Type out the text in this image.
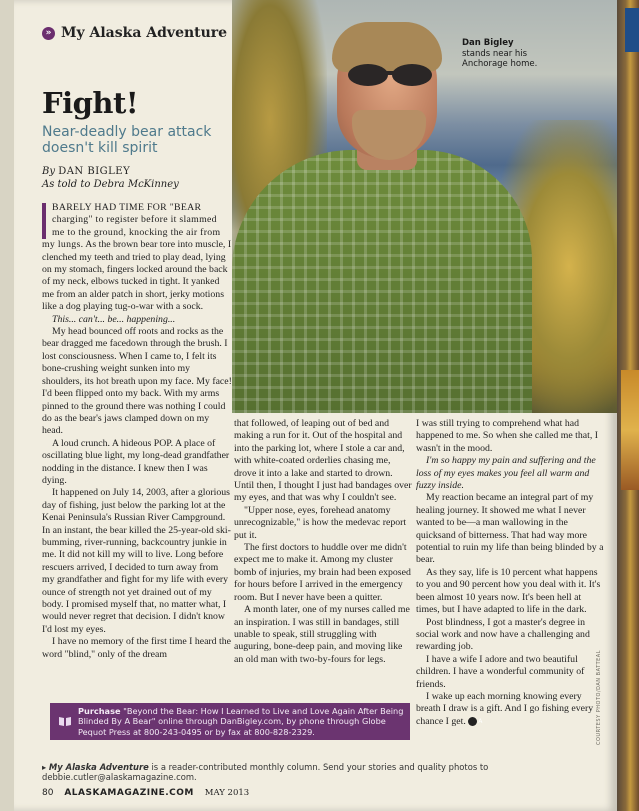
» My Alaska Adventure
Dan Bigley
stands near his Anchorage home.
Fight!
Near-deadly bear attack doesn't kill spirit
By DAN BIGLEY
As told to Debra McKinney

BARELY HAD TIME FOR "BEAR charging" to register before it slammed me to the ground, knocking the air from my lungs. As the brown bear tore into muscle, I clenched my teeth and tried to play dead, lying on my stomach, fingers locked around the back of my neck, elbows tucked in tight. It yanked me from an alder patch in short, jerky motions like a dog playing tug-o-war with a sock.

This... can't... be... happening...

My head bounced off roots and rocks as the bear dragged me facedown through the brush. I lost consciousness. When I came to, I felt its bone-crushing weight sunken into my shoulders, its hot breath upon my face. My face! I'd been flipped onto my back. With my arms pinned to the ground there was nothing I could do as the bear's jaws clamped down on my head.

A loud crunch. A hideous POP. A place of oscillating blue light, my long-dead grandfather nodding in the distance. I knew then I was dying.

It happened on July 14, 2003, after a glorious day of fishing, just below the parking lot at the Kenai Peninsula's Russian River Campground. In an instant, the bear killed the 25-year-old ski-bumming, river-running, backcountry junkie in me. It did not kill my will to live. Long before rescuers arrived, I decided to turn away from my grandfather and fight for my life with every ounce of strength not yet drained out of my body. I promised myself that, no matter what, I would never regret that decision. I didn't know I'd lost my eyes.

I have no memory of the first time I heard the word "blind," only of the dream

that followed, of leaping out of bed and making a run for it. Out of the hospital and into the parking lot, where I stole a car and, with white-coated orderlies chasing me, drove it into a lake and started to drown. Until then, I thought I just had bandages over my eyes, and that was why I couldn't see.

"Upper nose, eyes, forehead anatomy unrecognizable," is how the medevac report put it.

The first doctors to huddle over me didn't expect me to make it. Among my cluster bomb of injuries, my brain had been exposed for hours before I arrived in the emergency room. But I never have been a quitter.

A month later, one of my nurses called me an inspiration. I was still in bandages, still unable to speak, still struggling with auguring, bone-deep pain, and moving like an old man with two-by-fours for legs.

I was still trying to comprehend what had happened to me. So when she called me that, I wasn't in the mood.

I'm so happy my pain and suffering and the loss of my eyes makes you feel all warm and fuzzy inside.

My reaction became an integral part of my healing journey. It showed me what I never wanted to be—a man wallowing in the quicksand of bitterness. That had way more potential to ruin my life than being blinded by a bear.

As they say, life is 10 percent what happens to you and 90 percent how you deal with it. It's been almost 10 years now. It's been hell at times, but I have adapted to life in the dark.

Post blindness, I got a master's degree in social work and now have a challenging and rewarding job.

I have a wife I adore and two beautiful children. I have a wonderful community of friends.

I wake up each morning knowing every breath I draw is a gift. And I go fishing every chance I get. A

Purchase "Beyond the Bear: How I Learned to Live and Love Again After Being Blinded By A Bear" online through DanBigley.com, by phone through Globe Pequot Press at 800-243-0495 or by fax at 800-828-2329.	COURTESY PHOTO/DAN BATTEAL
▸ My Alaska Adventure is a reader-contributed monthly column. Send your stories and quality photos to debbie.cutler@alaskamagazine.com.
80 ALASKAMAGAZINE.COM MAY 2013
